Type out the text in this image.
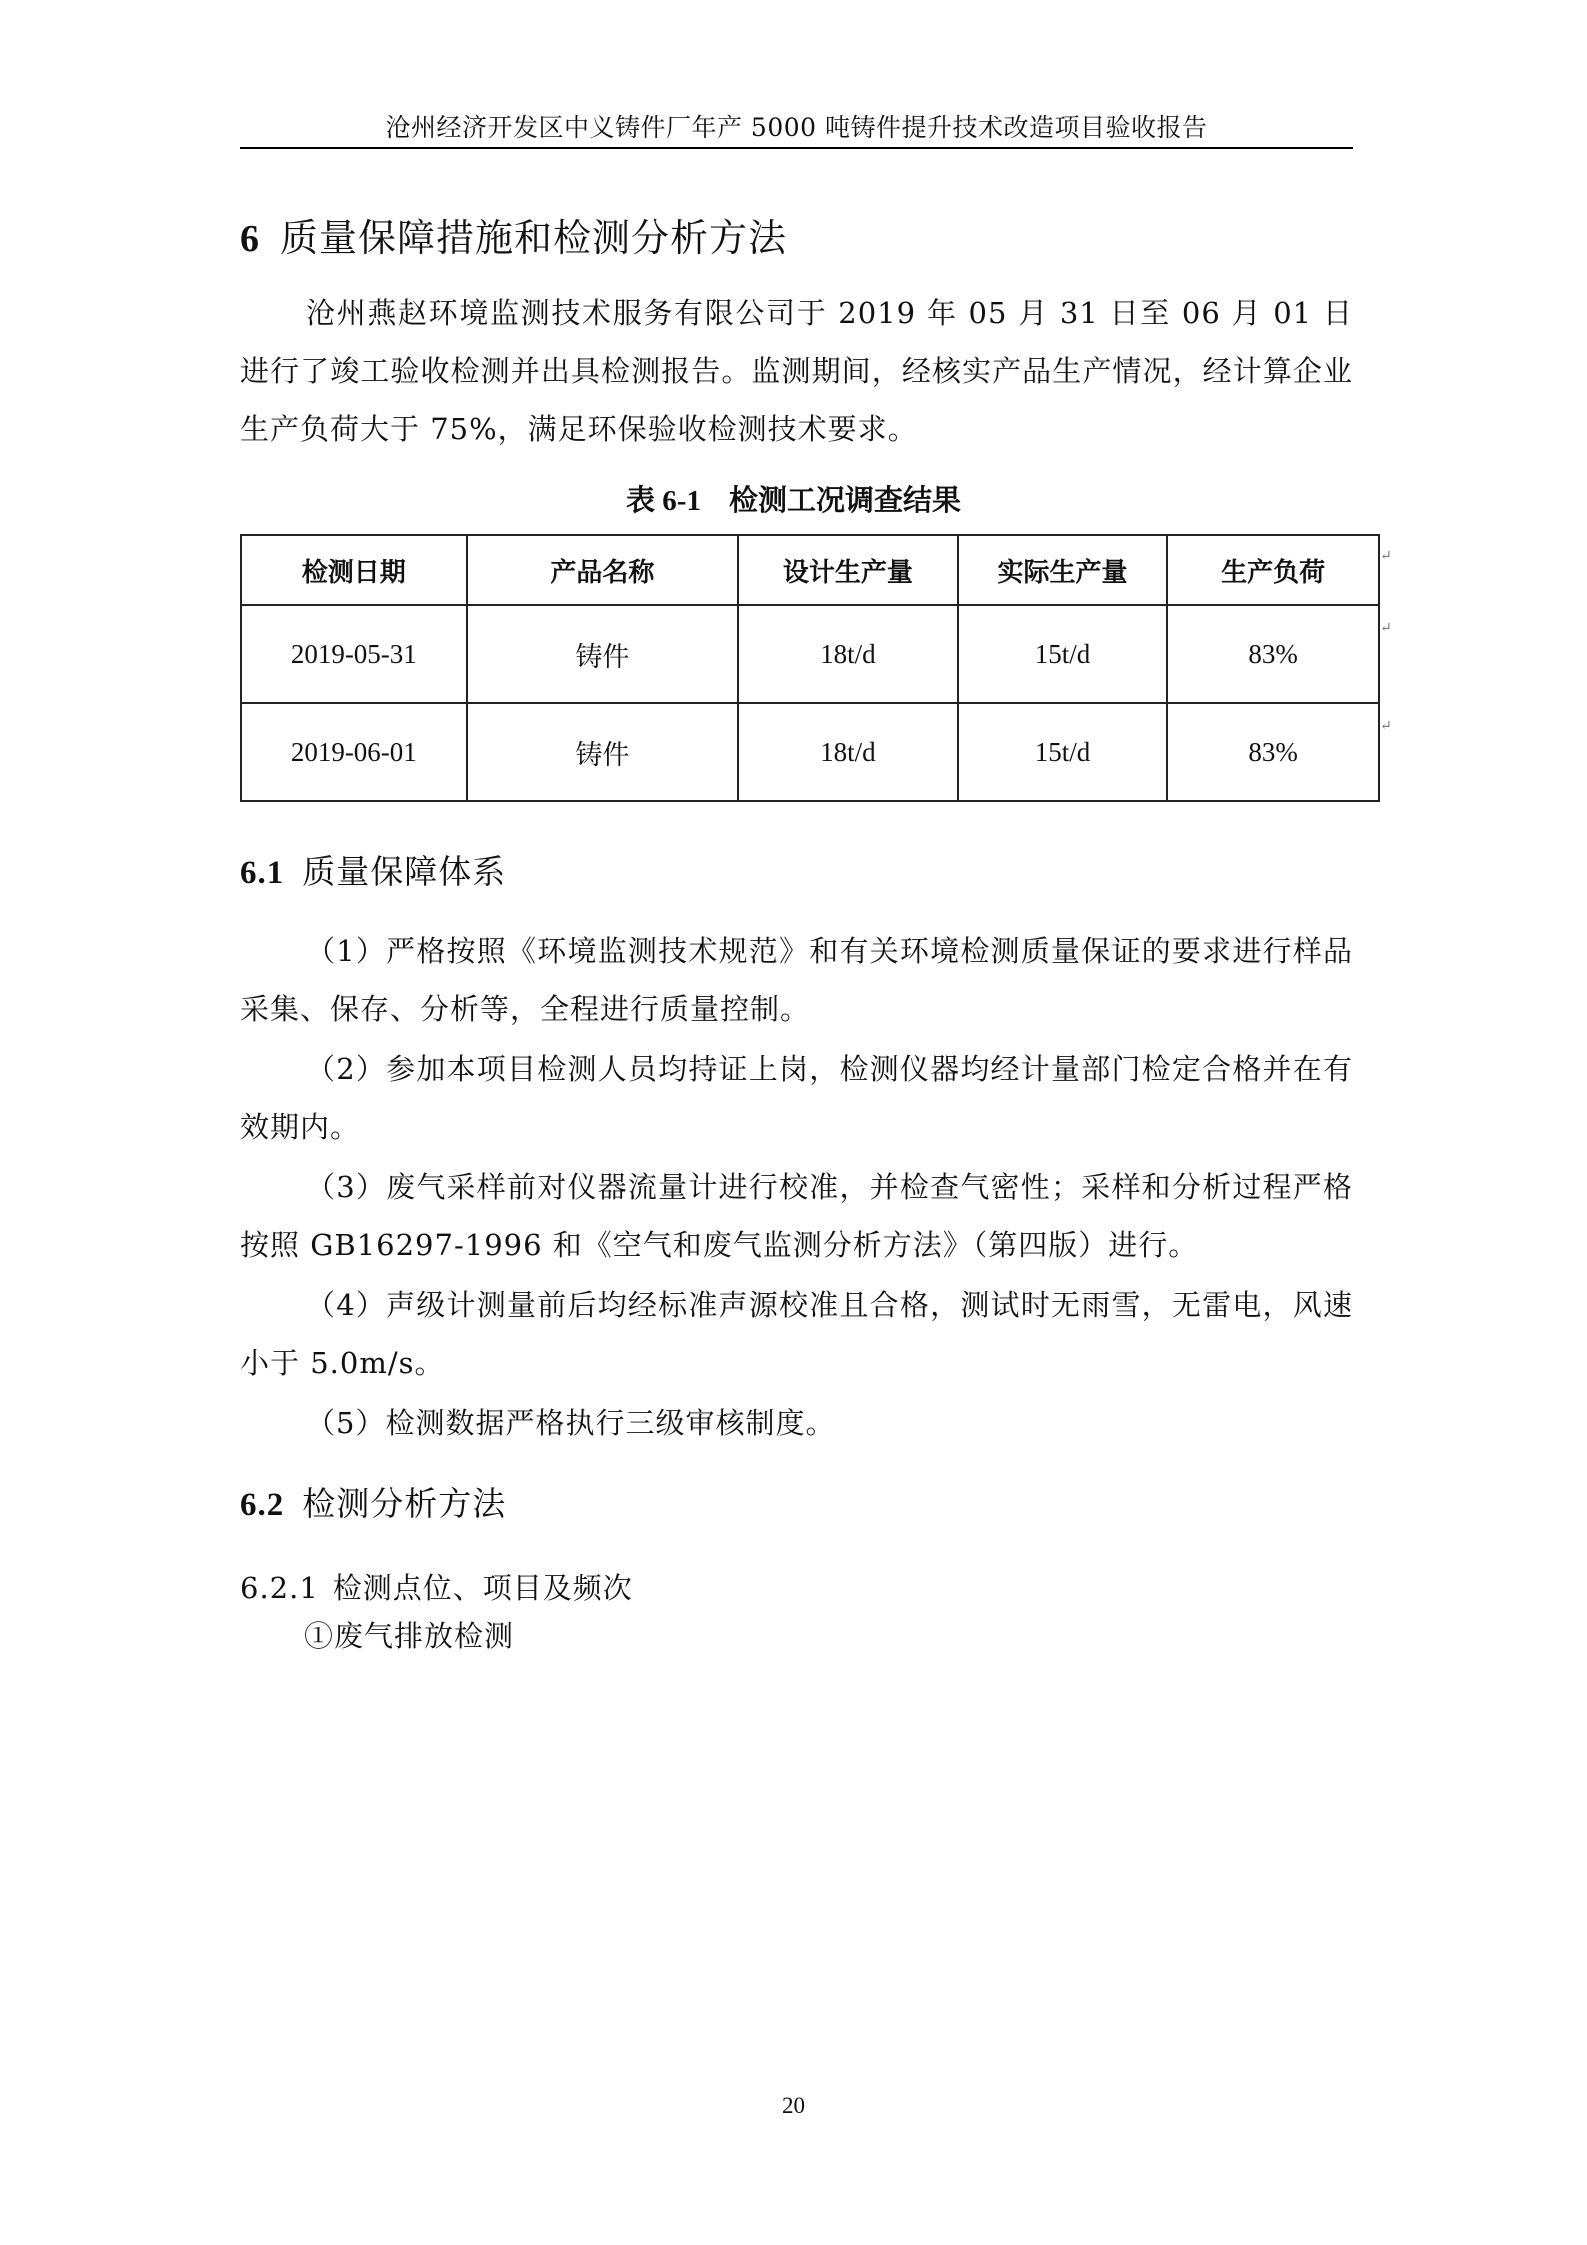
沧州经济开发区中义铸件厂年产 5000 吨铸件提升技术改造项目验收报告
6 质量保障措施和检测分析方法
沧州燕赵环境监测技术服务有限公司于 2019 年 05 月 31 日至 06 月 01 日进行了竣工验收检测并出具检测报告。监测期间，经核实产品生产情况，经计算企业生产负荷大于 75%，满足环保验收检测技术要求。
表 6-1 检测工况调查结果
检测日期	产品名称	设计生产量	实际生产量	生产负荷
2019-05-31	铸件	18t/d	15t/d	83%
2019-06-01	铸件	18t/d	15t/d	83%
↵
↵
↵
6.1 质量保障体系
（1）严格按照《环境监测技术规范》和有关环境检测质量保证的要求进行样品采集、保存、分析等，全程进行质量控制。
（2）参加本项目检测人员均持证上岗，检测仪器均经计量部门检定合格并在有效期内。
（3）废气采样前对仪器流量计进行校准，并检查气密性；采样和分析过程严格按照 GB16297-1996 和《空气和废气监测分析方法》（第四版）进行。
（4）声级计测量前后均经标准声源校准且合格，测试时无雨雪，无雷电，风速小于 5.0m/s。
（5）检测数据严格执行三级审核制度。
6.2 检测分析方法
6.2.1 检测点位、项目及频次
①废气排放检测
20
